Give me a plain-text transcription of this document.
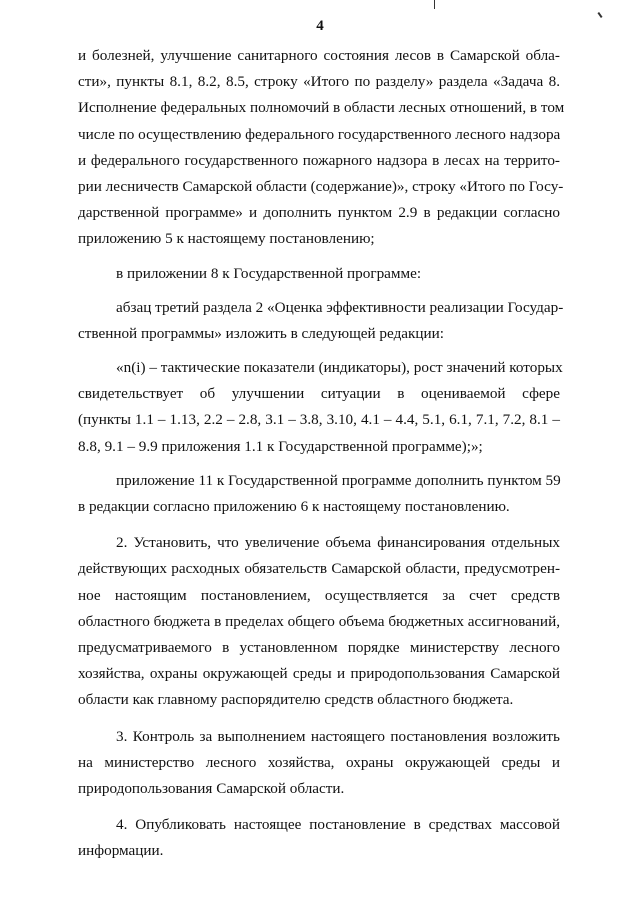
4
и болезней, улучшение санитарного состояния лесов в Самарской обла-
сти», пункты 8.1, 8.2, 8.5, строку «Итого по разделу» раздела «Задача 8.
Исполнение федеральных полномочий в области лесных отношений, в том
числе по осуществлению федерального государственного лесного надзора
и федерального государственного пожарного надзора в лесах на террито-
рии лесничеств Самарской области (содержание)», строку «Итого по Госу-
дарственной программе» и дополнить пунктом 2.9 в редакции согласно
приложению 5 к настоящему постановлению;
в приложении 8 к Государственной программе:
абзац третий раздела 2 «Оценка эффективности реализации Государ-
ственной программы» изложить в следующей редакции:
«n(i) – тактические показатели (индикаторы), рост значений которых
свидетельствует об улучшении ситуации в оцениваемой сфере
(пункты 1.1 – 1.13, 2.2 – 2.8, 3.1 – 3.8, 3.10, 4.1 – 4.4, 5.1, 6.1, 7.1, 7.2, 8.1 –
8.8, 9.1 – 9.9 приложения 1.1 к Государственной программе);»;
приложение 11 к Государственной программе дополнить пунктом 59
в редакции согласно приложению 6 к настоящему постановлению.
2. Установить, что увеличение объема финансирования отдельных
действующих расходных обязательств Самарской области, предусмотрен-
ное настоящим постановлением, осуществляется за счет средств
областного бюджета в пределах общего объема бюджетных ассигнований,
предусматриваемого в установленном порядке министерству лесного
хозяйства, охраны окружающей среды и природопользования Самарской
области как главному распорядителю средств областного бюджета.
3. Контроль за выполнением настоящего постановления возложить
на министерство лесного хозяйства, охраны окружающей среды и
природопользования Самарской области.
4. Опубликовать настоящее постановление в средствах массовой
информации.
